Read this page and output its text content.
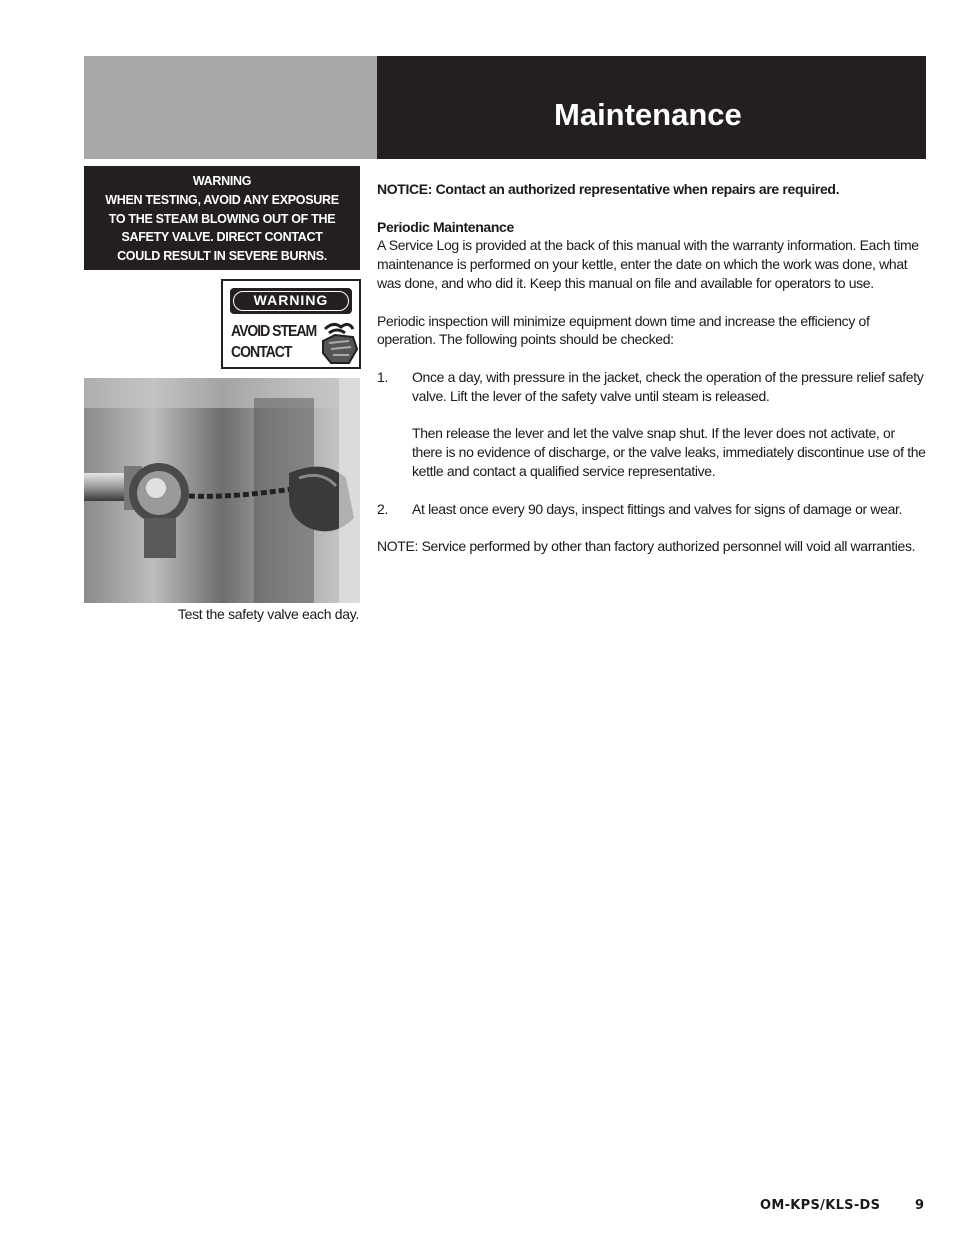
Maintenance
WARNING
WHEN TESTING, AVOID ANY EXPOSURE
TO THE STEAM BLOWING OUT OF THE
SAFETY VALVE. DIRECT CONTACT
COULD RESULT IN SEVERE BURNS.
WARNING

AVOID STEAM
CONTACT

Test the safety valve each day.

NOTICE: Contact an authorized representative when repairs are required.

Periodic Maintenance

A Service Log is provided at the back of this manual with the warranty information. Each time maintenance is performed on your kettle, enter the date on which the work was done, what was done, and who did it. Keep this manual on file and available for operators to use.

Periodic inspection will minimize equipment down time and increase the efficiency of operation. The following points should be checked:

1.	Once a day, with pressure in the jacket, check the operation of the pressure relief safety valve. Lift the lever of the safety valve until steam is released.

Then release the lever and let the valve snap shut. If the lever does not activate, or there is no evidence of discharge, or the valve leaks, immediately discontinue use of the kettle and contact a qualified service representative.

2.	At least once every 90 days, inspect fittings and valves for signs of damage or wear.

NOTE: Service performed by other than factory authorized personnel will void all warranties.

OM-KPS/KLS-DS	9
